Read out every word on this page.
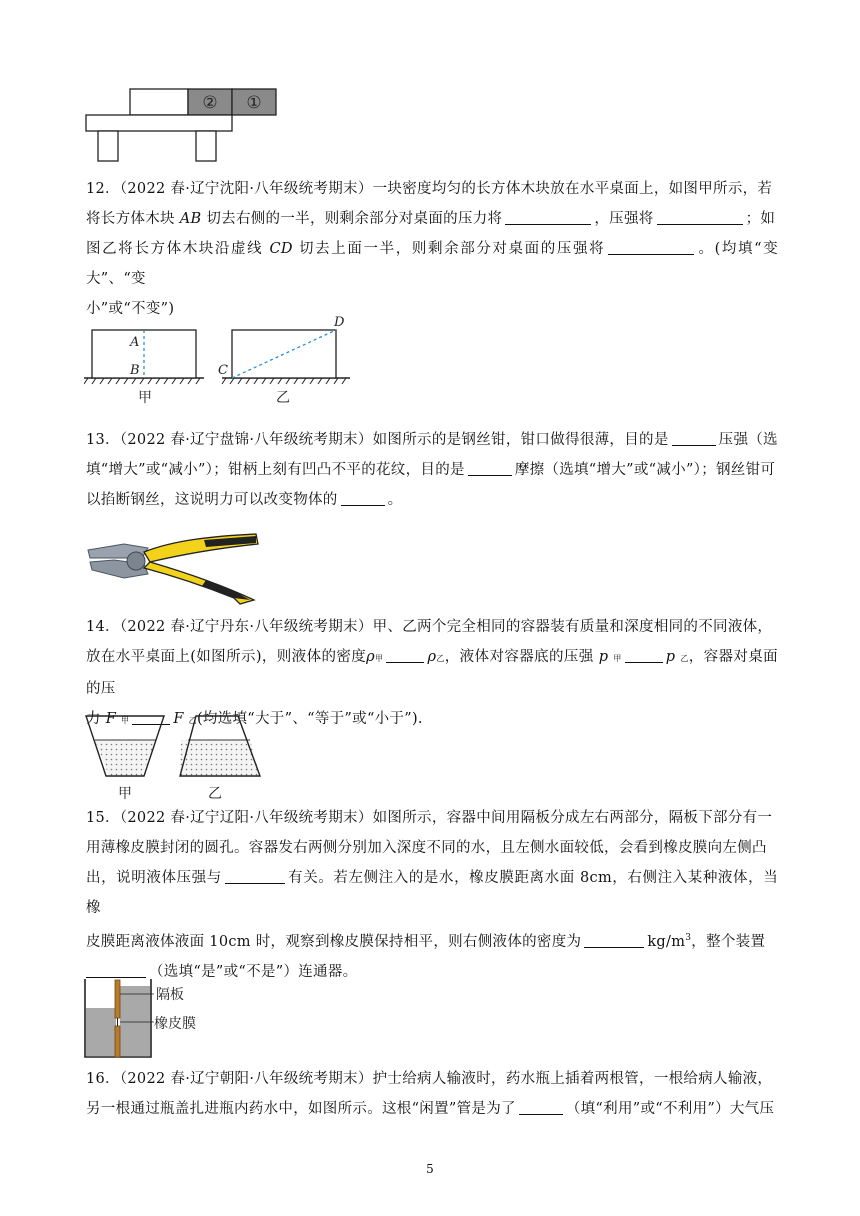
② ①
12．（2022 春·辽宁沈阳·八年级统考期末）一块密度均匀的长方体木块放在水平桌面上，如图甲所示，若
将长方体木块 AB 切去右侧的一半，则剩余部分对桌面的压力将	，压强将	；如
图乙将长方体木块沿虚线 CD 切去上面一半，则剩余部分对桌面的压强将	。(均填“变大”、“变
小”或“不变”)
A
B
甲
C
D
乙
13．（2022 春·辽宁盘锦·八年级统考期末）如图所示的是钢丝钳，钳口做得很薄，目的是	压强（选
填“增大”或“减小”）；钳柄上刻有凹凸不平的花纹，目的是	摩擦（选填“增大”或“减小”）；钢丝钳可
以掐断钢丝，这说明力可以改变物体的	。
14．（2022 春·辽宁丹东·八年级统考期末）甲、乙两个完全相同的容器装有质量和深度相同的不同液体，
放在水平桌面上(如图所示)，则液体的密度ρ甲	ρ乙，液体对容器底的压强 p 甲	p 乙，容器对桌面的压
力 F 甲	F 乙(均选填“大于”、“等于”或“小于”).
甲	乙
15．（2022 春·辽宁辽阳·八年级统考期末）如图所示，容器中间用隔板分成左右两部分，隔板下部分有一
用薄橡皮膜封闭的圆孔。容器发右两侧分别加入深度不同的水，且左侧水面较低，会看到橡皮膜向左侧凸
出，说明液体压强与	有关。若左侧注入的是水，橡皮膜距离水面 8cm，右侧注入某种液体，当橡
皮膜距离液体液面 10cm 时，观察到橡皮膜保持相平，则右侧液体的密度为	$kg/m^3$，整个装置
（选填“是”或“不是”）连通器。
隔板
橡皮膜
16．（2022 春·辽宁朝阳·八年级统考期末）护士给病人输液时，药水瓶上插着两根管，一根给病人输液，
另一根通过瓶盖扎进瓶内药水中，如图所示。这根“闲置”管是为了	（填“利用”或“不利用”）大气压
5
